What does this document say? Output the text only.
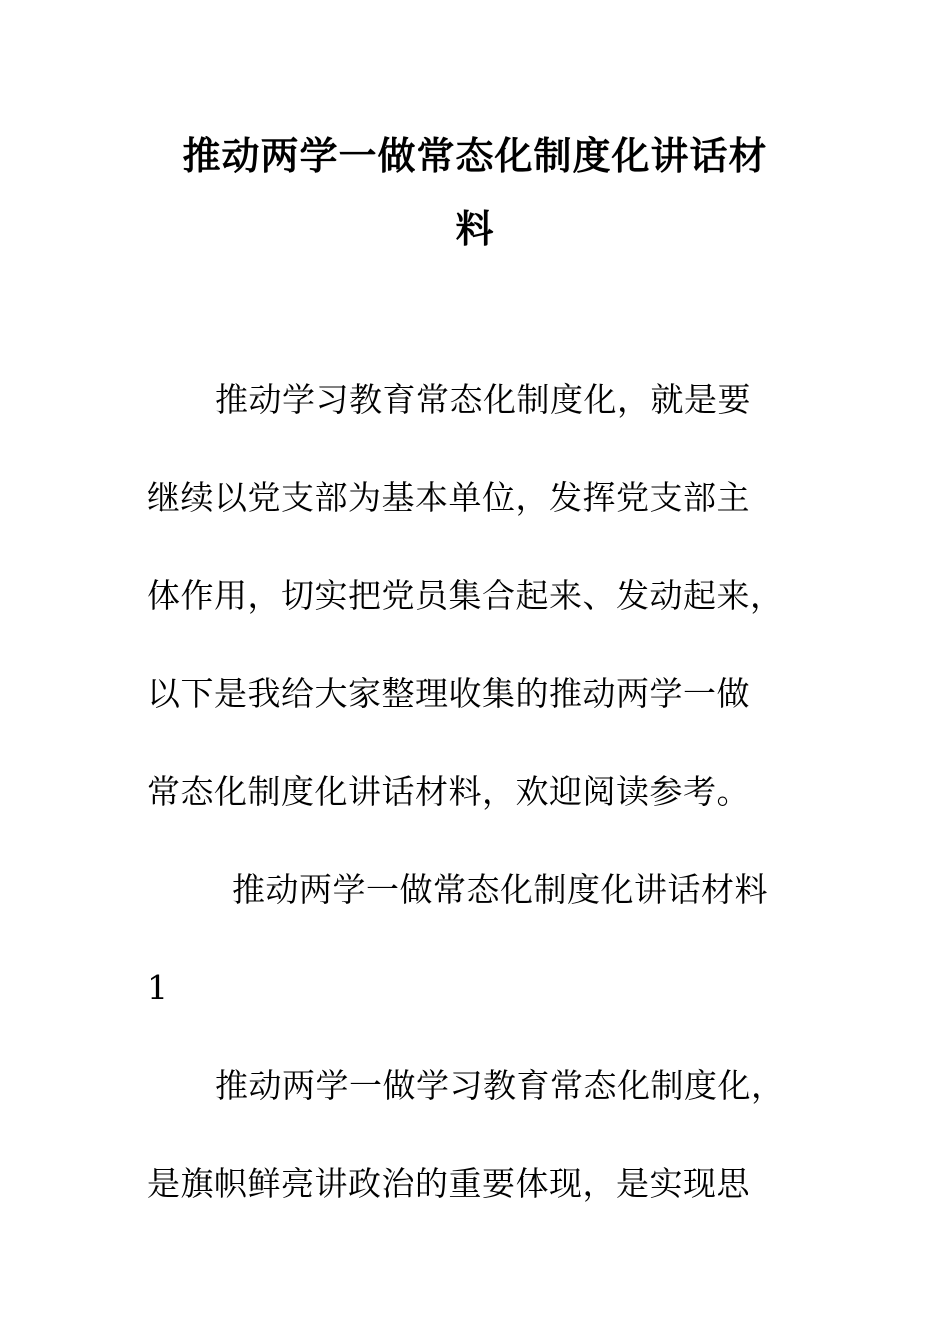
推动两学一做常态化制度化讲话材
料
推动学习教育常态化制度化，就是要
继续以党支部为基本单位，发挥党支部主
体作用，切实把党员集合起来、发动起来，
以下是我给大家整理收集的推动两学一做
常态化制度化讲话材料，欢迎阅读参考。
推动两学一做常态化制度化讲话材料
1
推动两学一做学习教育常态化制度化，
是旗帜鲜亮讲政治的重要体现，是实现思
